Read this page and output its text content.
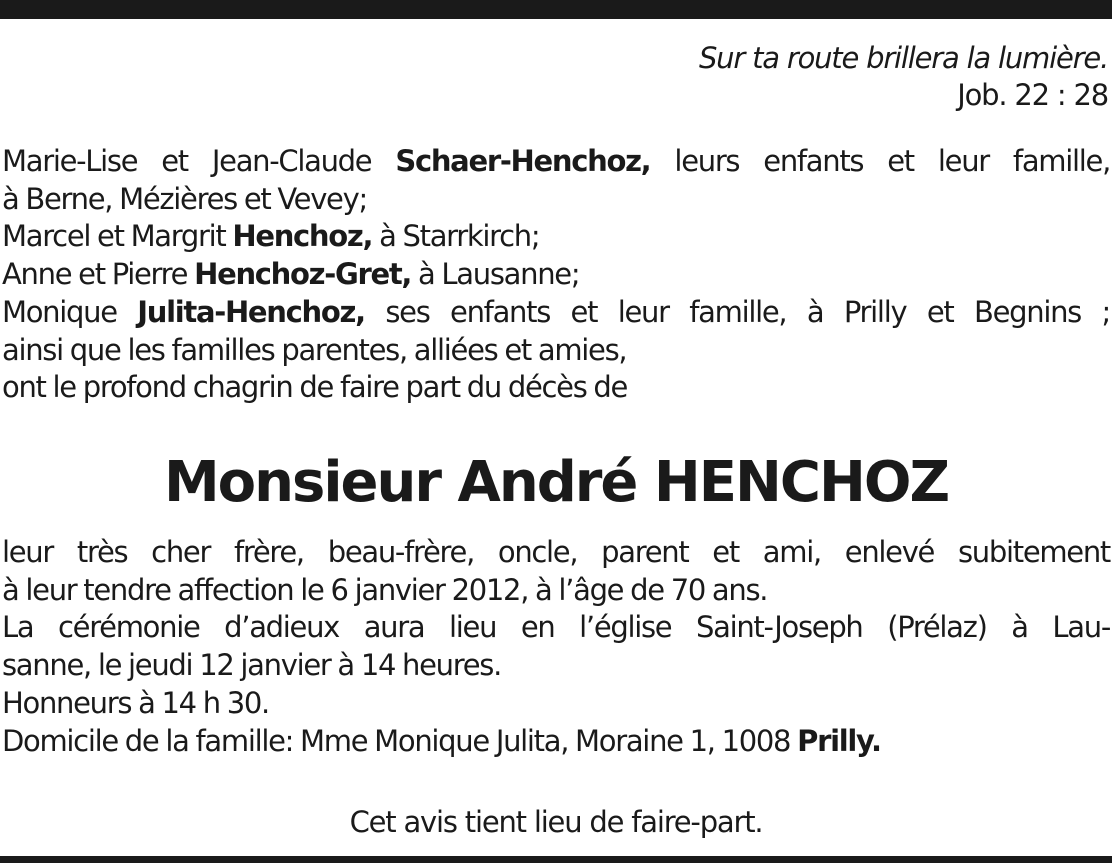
Sur ta route brillera la lumière.
Job. 22 : 28
Marie-Lise et Jean-Claude Schaer-Henchoz, leurs enfants et leur famille,
à Berne, Mézières et Vevey;
Marcel et Margrit Henchoz, à Starrkirch;
Anne et Pierre Henchoz-Gret, à Lausanne;
Monique Julita-Henchoz, ses enfants et leur famille, à Prilly et Begnins ;
ainsi que les familles parentes, alliées et amies,
ont le profond chagrin de faire part du décès de
Monsieur André HENCHOZ
leur très cher frère, beau-frère, oncle, parent et ami, enlevé subitement
à leur tendre affection le 6 janvier 2012, à l’âge de 70 ans.
La cérémonie d’adieux aura lieu en l’église Saint-Joseph (Prélaz) à Lau-
sanne, le jeudi 12 janvier à 14 heures.
Honneurs à 14 h 30.
Domicile de la famille: Mme Monique Julita, Moraine 1, 1008 Prilly.
Cet avis tient lieu de faire-part.
